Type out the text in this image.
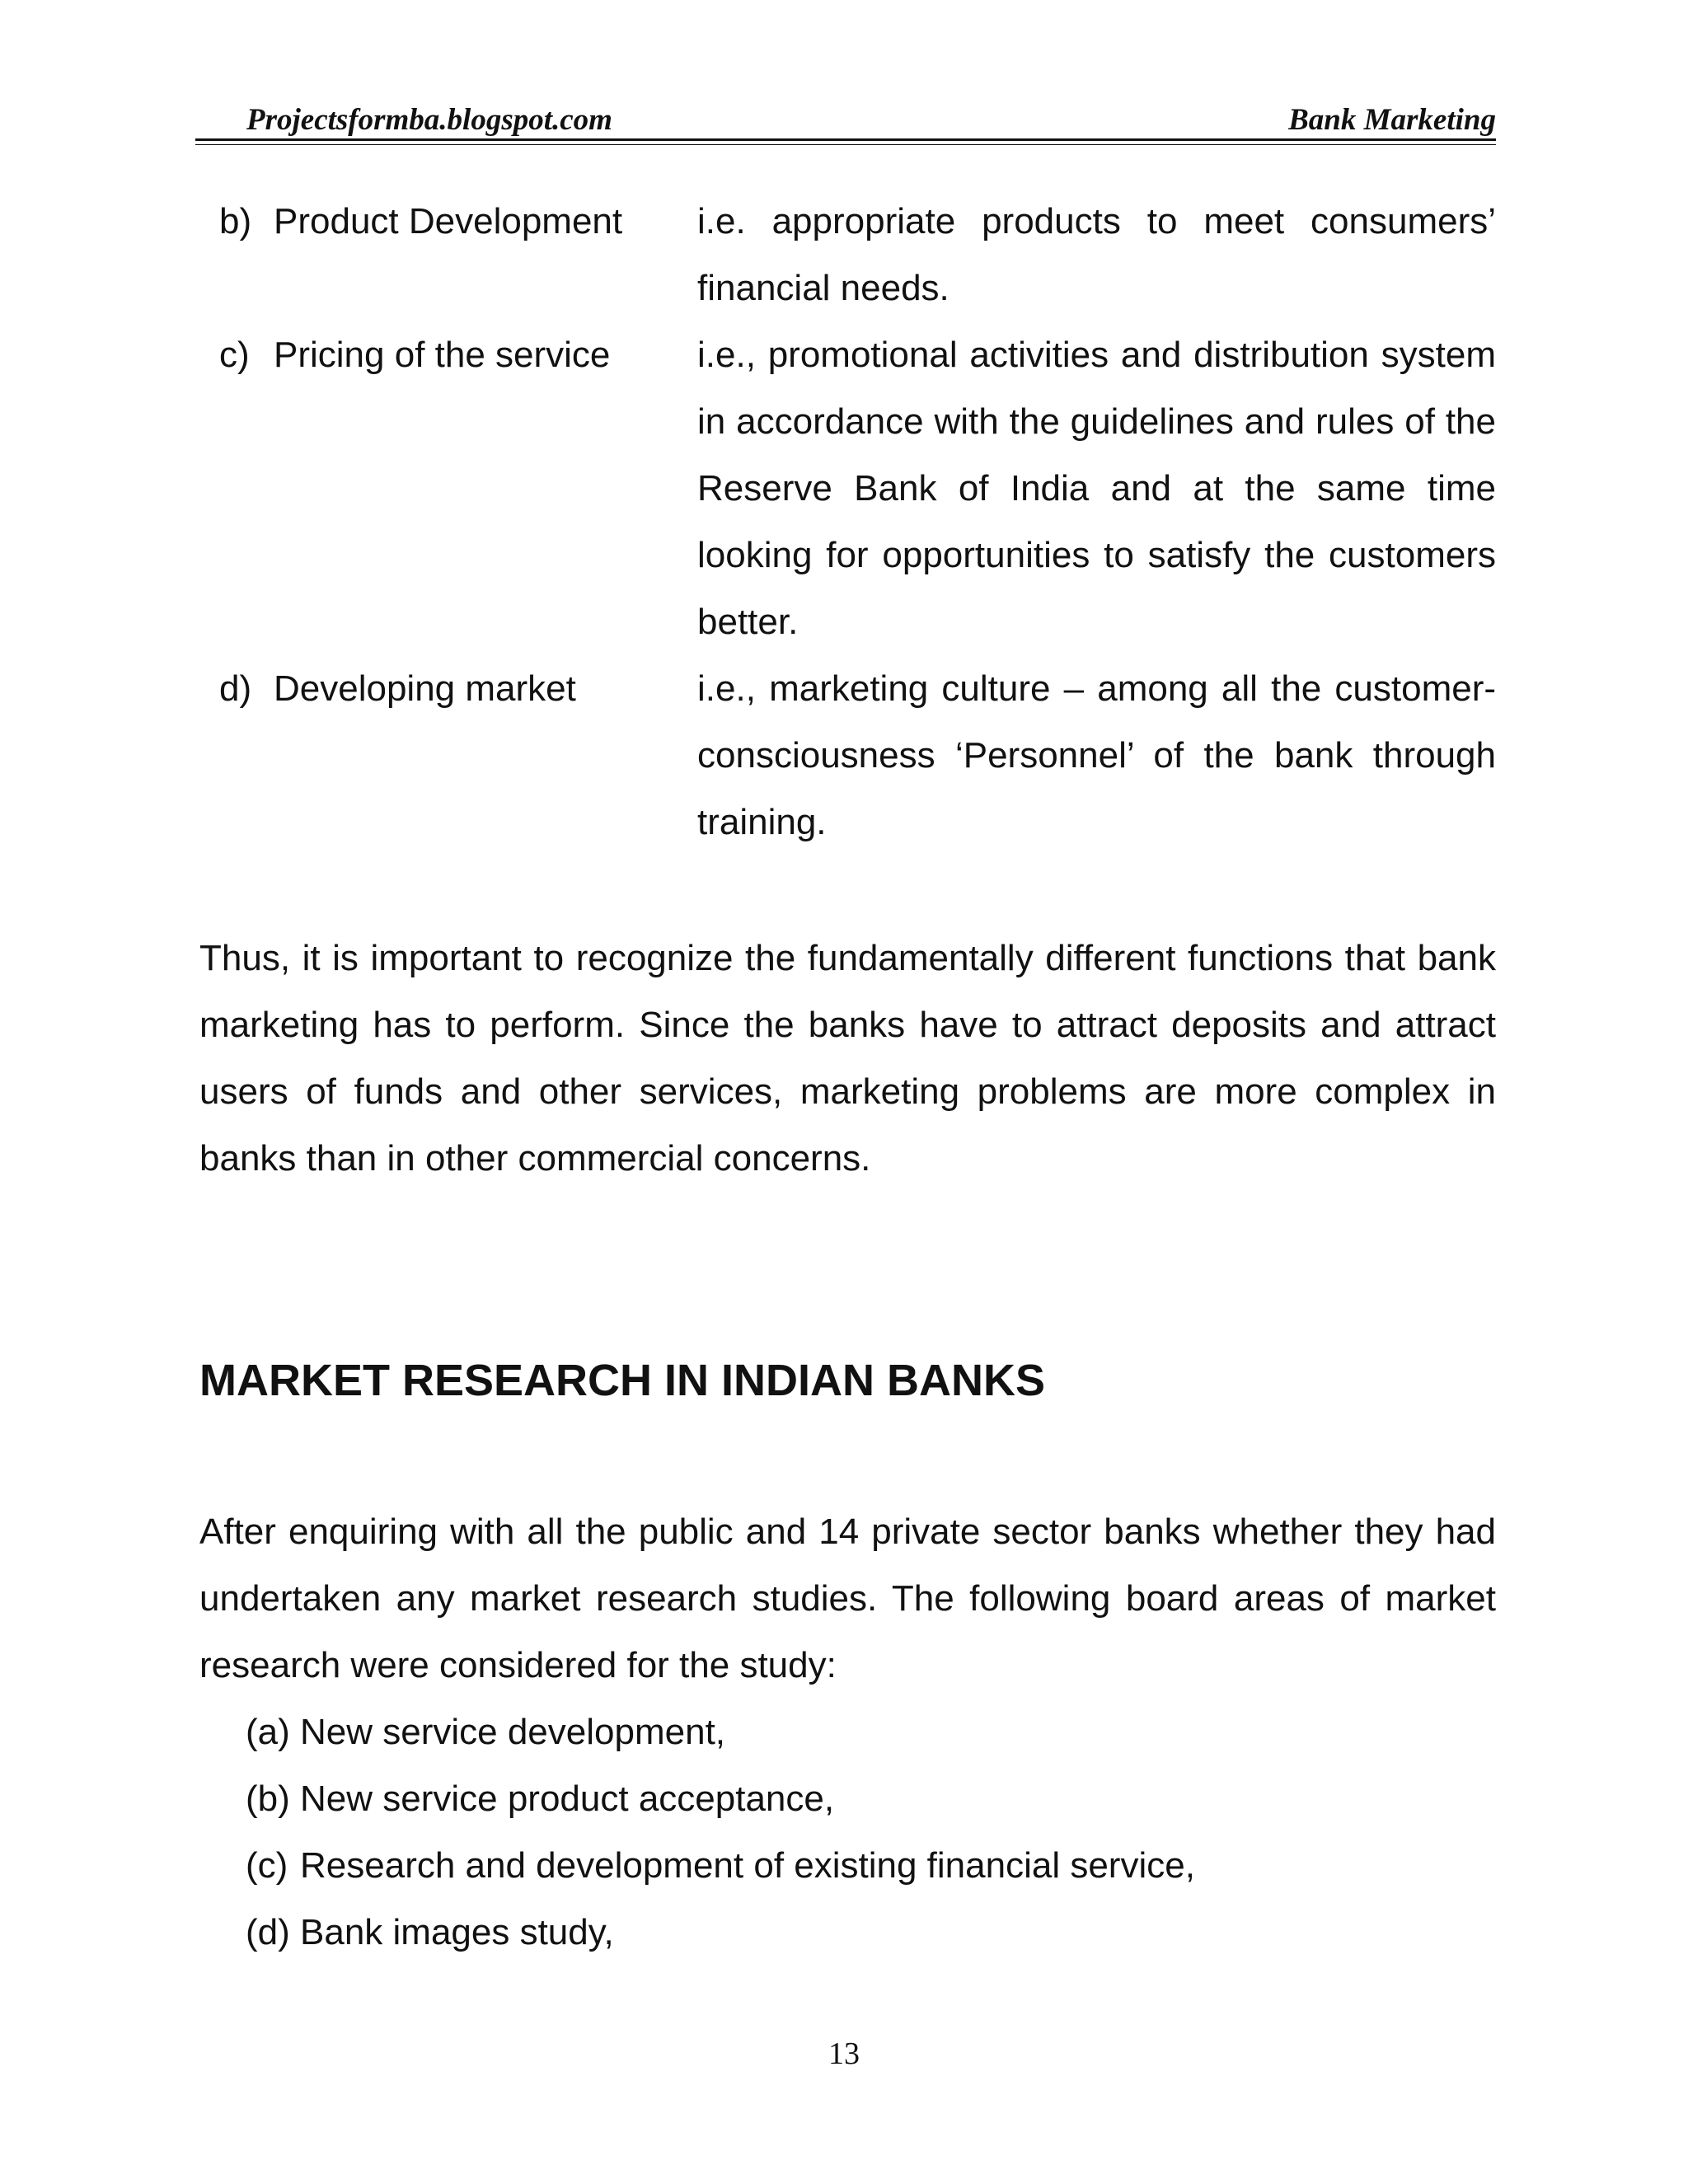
Projectsformba.blogspot.com	Bank Marketing
b) Product Development	i.e. appropriate products to meet consumers’ financial needs.
c) Pricing of the service	i.e., promotional activities and distribution system in accordance with the guidelines and rules of the Reserve Bank of India and at the same time looking for opportunities to satisfy the customers better.
d) Developing market	i.e., marketing culture – among all the customer-consciousness ‘Personnel’ of the bank through training.

Thus, it is important to recognize the fundamentally different functions that bank marketing has to perform. Since the banks have to attract deposits and attract users of funds and other services, marketing problems are more complex in banks than in other commercial concerns.

MARKET RESEARCH IN INDIAN BANKS

After enquiring with all the public and 14 private sector banks whether they had undertaken any market research studies. The following board areas of market research were considered for the study:

(a) New service development,
(b) New service product acceptance,
(c) Research and development of existing financial service,
(d) Bank images study,
13
